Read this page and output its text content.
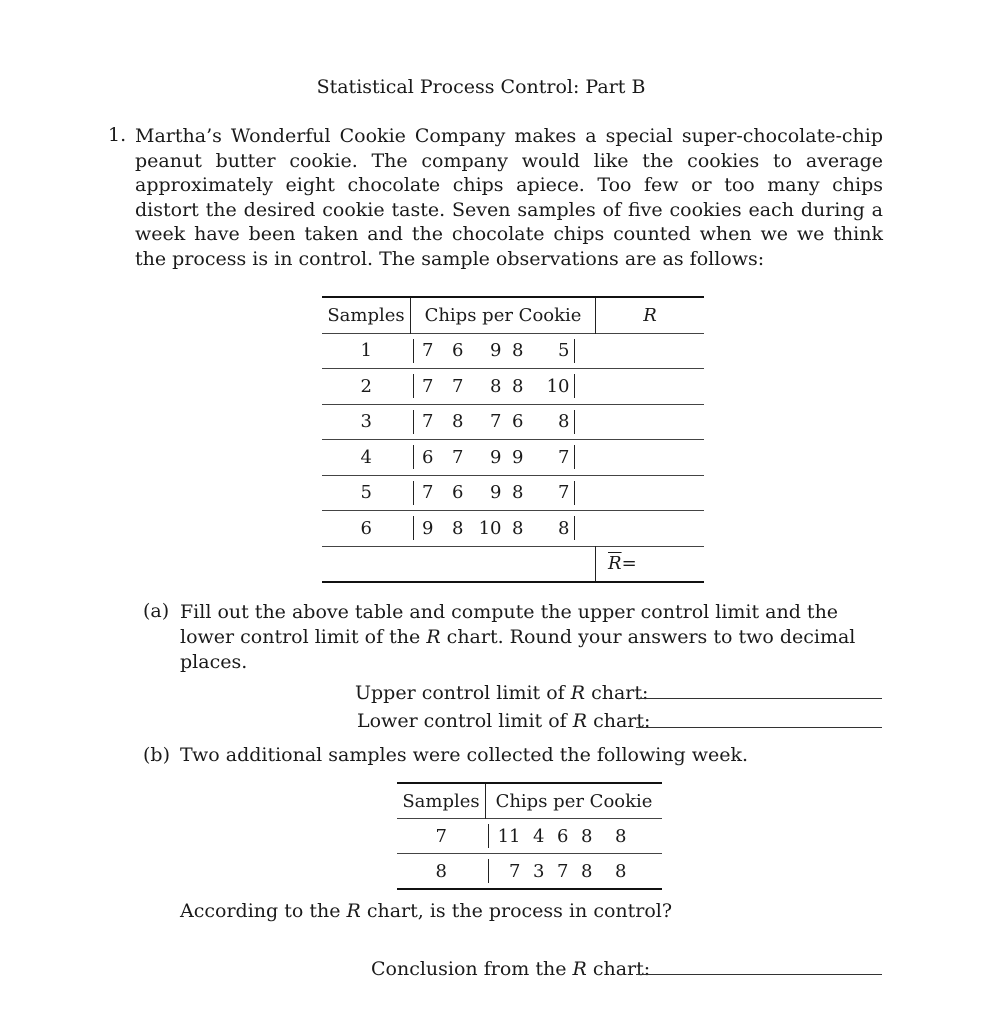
Statistical Process Control: Part B
1. Martha’s Wonderful Cookie Company makes a special super-chocolate-chip peanut butter cookie. The company would like the cookies to average approximately eight chocolate chips apiece. Too few or too many chips distort the desired cookie taste. Seven samples of five cookies each during a week have been taken and the chocolate chips counted when we we think the process is in control. The sample observations are as follows:
Samples	Chips per Cookie	R
1	7 6 9 8 5	

2	7 7 8 8 10	

3	7 8 7 6 8	

4	6 7 9 9 7	

5	7 6 9 8 7	

6	9 8 10 8 8	

		$\overline{R}=$
(a) Fill out the above table and compute the upper control limit and the lower control limit of the R chart. Round your answers to two decimal places.
Upper control limit of R chart:
Lower control limit of R chart:
(b) Two additional samples were collected the following week.
Samples	Chips per Cookie
7	11 4 6 8 8

8	7 3 7 8 8
According to the R chart, is the process in control?
Conclusion from the R chart:
